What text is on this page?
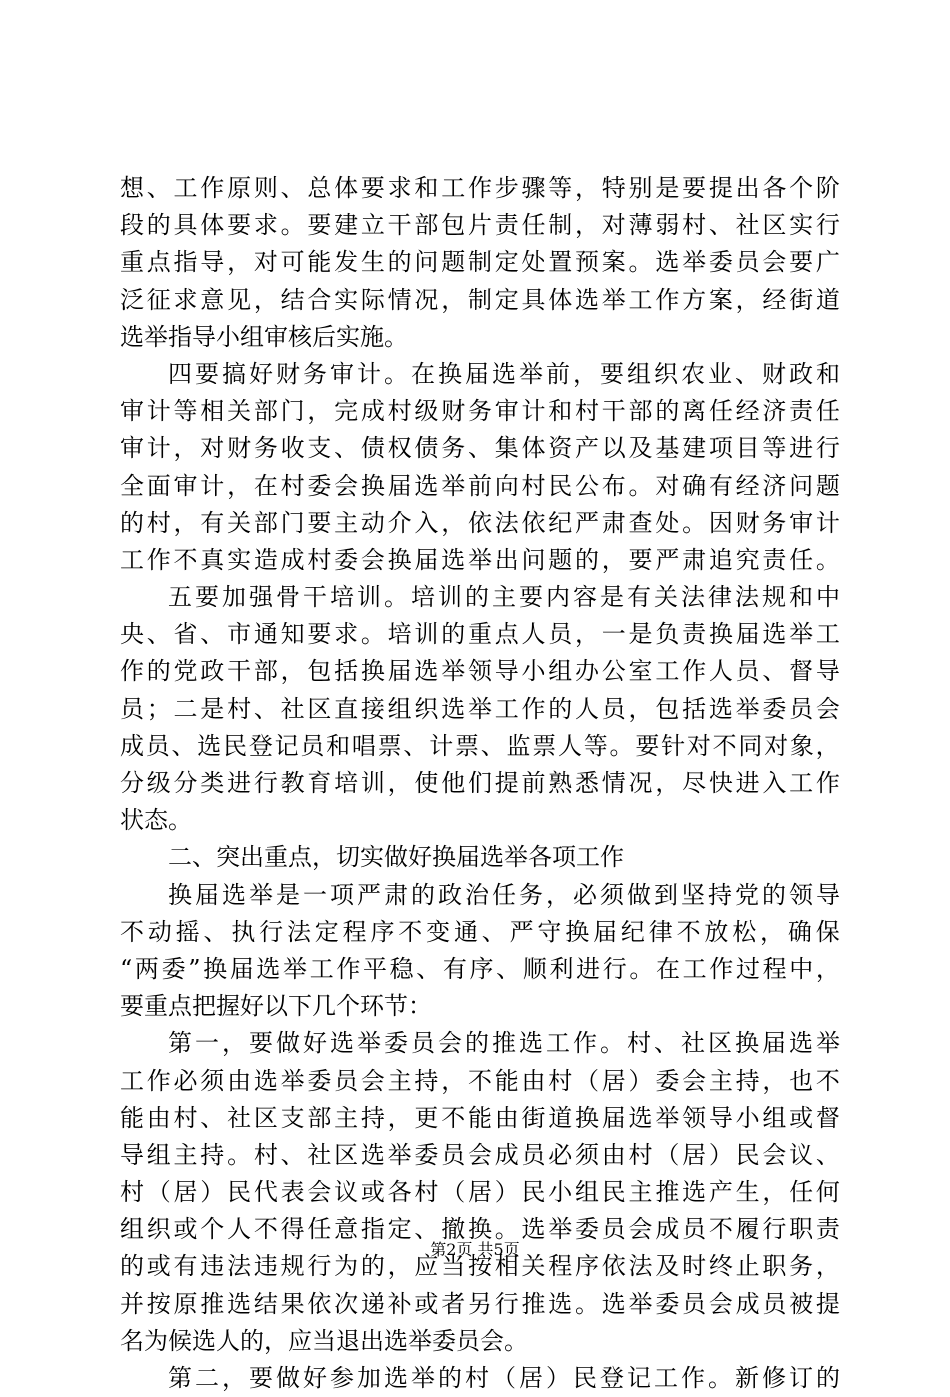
想 、 工 作 原 则 、 总 体 要 求 和 工 作 步 骤 等 ， 特 别 是 要 提 出 各 个 阶
段 的 具 体 要 求 。 要 建 立 干 部 包 片 责 任 制 ， 对 薄 弱 村 、 社 区 实 行
重 点 指 导 ， 对 可 能 发 生 的 问 题 制 定 处 置 预 案 。 选 举 委 员 会 要 广
泛 征 求 意 见 ， 结 合 实 际 情 况 ， 制 定 具 体 选 举 工 作 方 案 ， 经 街 道
选 举 指 导 小 组 审 核 后 实 施 。
四 要 搞 好 财 务 审 计 。 在 换 届 选 举 前 ， 要 组 织 农 业 、 财 政 和
审 计 等 相 关 部 门 ， 完 成 村 级 财 务 审 计 和 村 干 部 的 离 任 经 济 责 任
审 计 ， 对 财 务 收 支 、 债 权 债 务 、 集 体 资 产 以 及 基 建 项 目 等 进 行
全 面 审 计 ， 在 村 委 会 换 届 选 举 前 向 村 民 公 布 。 对 确 有 经 济 问 题
的 村 ， 有 关 部 门 要 主 动 介 入 ， 依 法 依 纪 严 肃 查 处 。 因 财 务 审 计
工 作 不 真 实 造 成 村 委 会 换 届 选 举 出 问 题 的 ， 要 严 肃 追 究 责 任 。
五 要 加 强 骨 干 培 训 。 培 训 的 主 要 内 容 是 有 关 法 律 法 规 和 中
央 、 省 、 市 通 知 要 求 。 培 训 的 重 点 人 员 ， 一 是 负 责 换 届 选 举 工
作 的 党 政 干 部 ， 包 括 换 届 选 举 领 导 小 组 办 公 室 工 作 人 员 、 督 导
员 ； 二 是 村 、 社 区 直 接 组 织 选 举 工 作 的 人 员 ， 包 括 选 举 委 员 会
成 员 、 选 民 登 记 员 和 唱 票 、 计 票 、 监 票 人 等 。 要 针 对 不 同 对 象 ，
分 级 分 类 进 行 教 育 培 训 ， 使 他 们 提 前 熟 悉 情 况 ， 尽 快 进 入 工 作
状 态 。
二 、 突 出 重 点 ， 切 实 做 好 换 届 选 举 各 项 工 作
换 届 选 举 是 一 项 严 肃 的 政 治 任 务 ， 必 须 做 到 坚 持 党 的 领 导
不 动 摇 、 执 行 法 定 程 序 不 变 通 、 严 守 换 届 纪 律 不 放 松 ， 确 保
“ 两 委 ” 换 届 选 举 工 作 平 稳 、 有 序 、 顺 利 进 行 。 在 工 作 过 程 中 ，
要 重 点 把 握 好 以 下 几 个 环 节 ：
第 一 ， 要 做 好 选 举 委 员 会 的 推 选 工 作 。 村 、 社 区 换 届 选 举
工 作 必 须 由 选 举 委 员 会 主 持 ， 不 能 由 村 （ 居 ） 委 会 主 持 ， 也 不
能 由 村 、 社 区 支 部 主 持 ， 更 不 能 由 街 道 换 届 选 举 领 导 小 组 或 督
导 组 主 持 。 村 、 社 区 选 举 委 员 会 成 员 必 须 由 村 （ 居 ） 民 会 议 、
村 （ 居 ） 民 代 表 会 议 或 各 村 （ 居 ） 民 小 组 民 主 推 选 产 生 ， 任 何
组 织 或 个 人 不 得 任 意 指 定 、 撤 换 。 选 举 委 员 会 成 员 不 履 行 职 责
的 或 有 违 法 违 规 行 为 的 ， 应 当 按 相 关 程 序 依 法 及 时 终 止 职 务 ，
并 按 原 推 选 结 果 依 次 递 补 或 者 另 行 推 选 。 选 举 委 员 会 成 员 被 提
名 为 候 选 人 的 ， 应 当 退 出 选 举 委 员 会 。
第 二 ， 要 做 好 参 加 选 举 的 村 （ 居 ） 民 登 记 工 作 。 新 修 订 的
第2页 共5页
